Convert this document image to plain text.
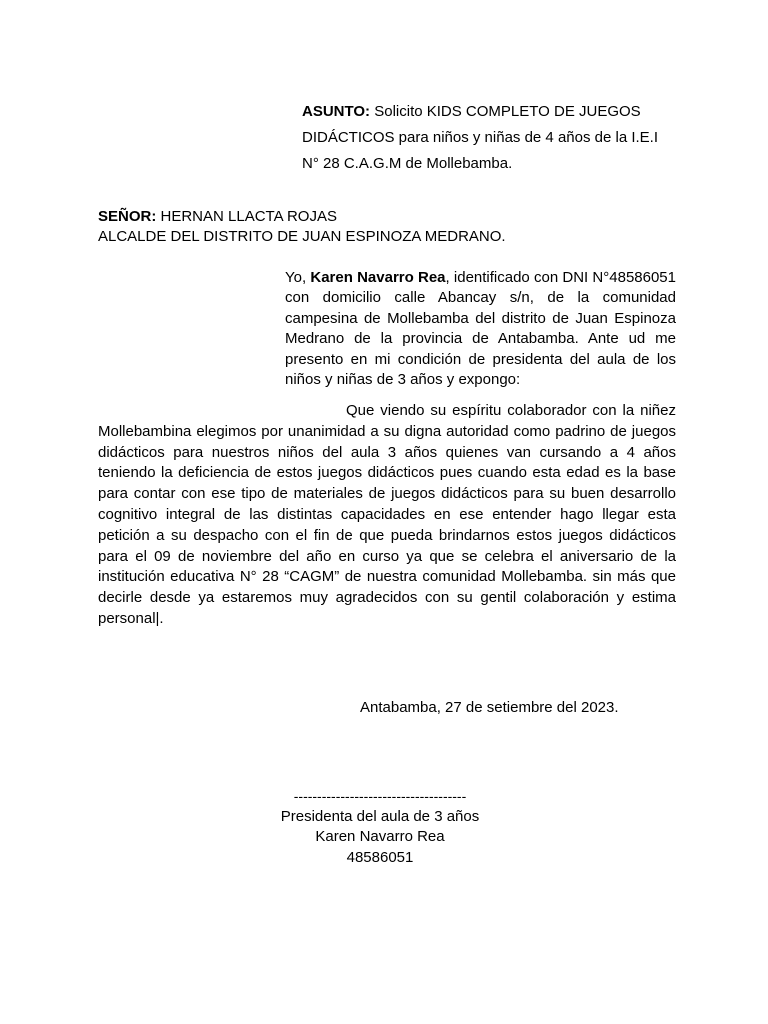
ASUNTO: Solicito KIDS COMPLETO DE JUEGOS
DIDÁCTICOS para niños y niñas de 4 años de la I.E.I
N° 28 C.A.G.M de Mollebamba.
SEÑOR: HERNAN LLACTA ROJAS
ALCALDE DEL DISTRITO DE JUAN ESPINOZA MEDRANO.
Yo, Karen Navarro Rea, identificado con DNI N°48586051 con domicilio calle Abancay s/n, de la comunidad campesina de Mollebamba del distrito de Juan Espinoza Medrano de la provincia de Antabamba. Ante ud me presento en mi condición de presidenta del aula de los niños y niñas de 3 años y expongo:

Que viendo su espíritu colaborador con la niñez Mollebambina elegimos por unanimidad a su digna autoridad como padrino de juegos didácticos para nuestros niños del aula 3 años quienes van cursando a 4 años teniendo la deficiencia de estos juegos didácticos pues cuando esta edad es la base para contar con ese tipo de materiales de juegos didácticos para su buen desarrollo cognitivo integral de las distintas capacidades en ese entender hago llegar esta petición a su despacho con el fin de que pueda brindarnos estos juegos didácticos para el 09 de noviembre del año en curso ya que se celebra el aniversario de la institución educativa N° 28 “CAGM” de nuestra comunidad Mollebamba. sin más que decirle desde ya estaremos muy agradecidos con su gentil colaboración y estima personal|.

Antabamba, 27 de setiembre del 2023.
-------------------------------------
Presidenta del aula de 3 años
Karen Navarro Rea
48586051
